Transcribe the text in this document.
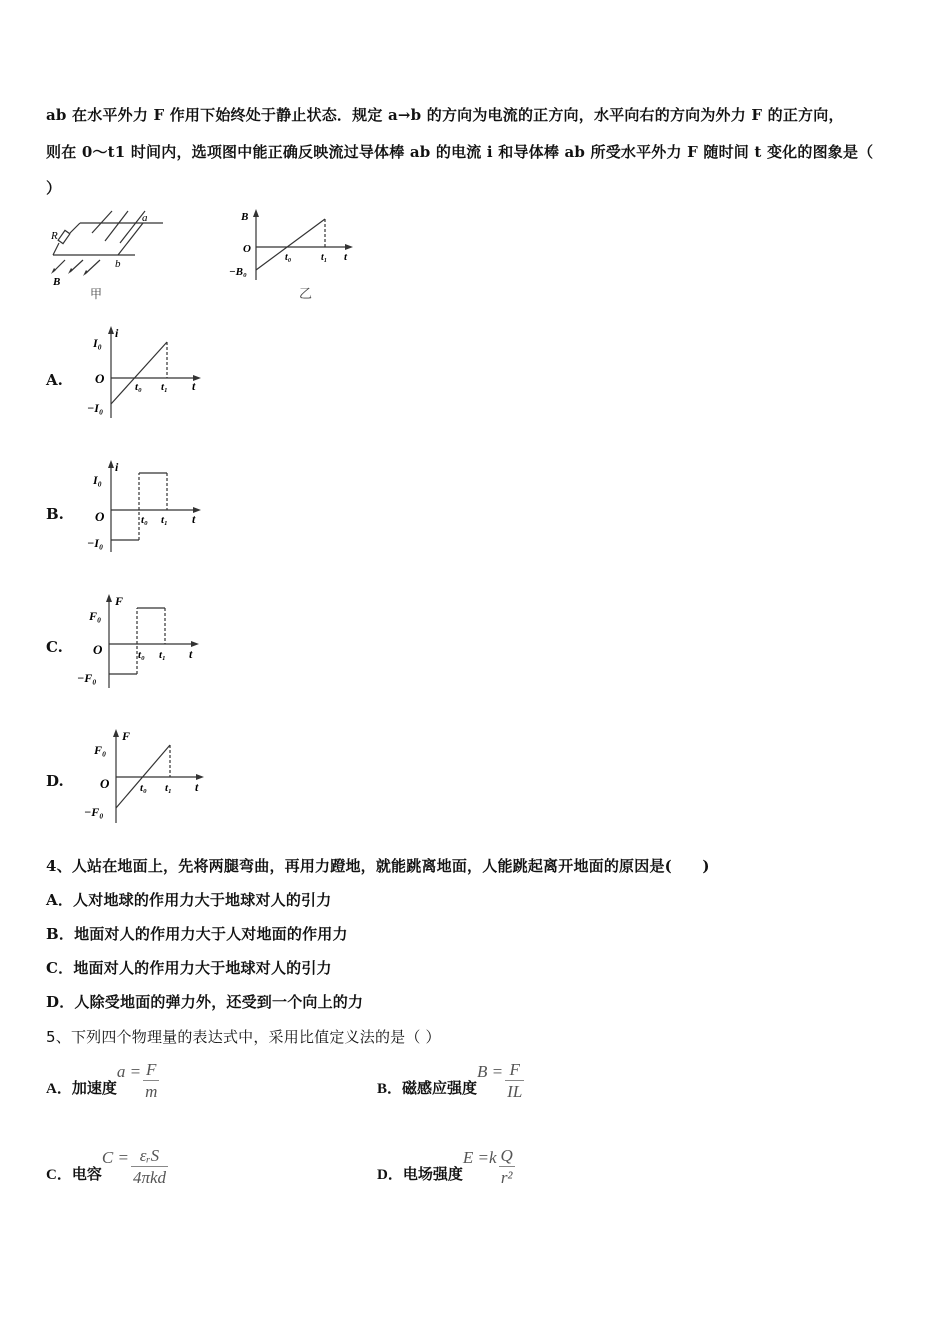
ab 在水平外力 F 作用下始终处于静止状态．规定 a→b 的方向为电流的正方向，水平向右的方向为外力 F 的正方向，
则在 0～t1 时间内，选项图中能正确反映流过导体棒 ab 的电流 i 和导体棒 ab 所受水平外力 F 随时间 t 变化的图象是（
）
R
a
b
B
甲
B
O
−B₀
t₀	t₁ t
乙
A.
i
I₀
O
−I₀
t₀ t₁ t
B.
i
I₀
O
−I₀
t₀ t₁ t
C.
F
F₀
O
−F₀
t₀ t₁ t
D.
F
F₀
O
−F₀
t₀ t₁ t
4、人站在地面上，先将两腿弯曲，再用力蹬地，就能跳离地面，人能跳起离开地面的原因是(　　)
A．人对地球的作用力大于地球对人的引力
B．地面对人的作用力大于人对地面的作用力
C．地面对人的作用力大于地球对人的引力
D．人除受地面的弹力外，还受到一个向上的力
5、下列四个物理量的表达式中，采用比值定义法的是（ ）
A．加速度
$a = \frac{F}{m}$	B．磁感应强度
$B = \frac{F}{IL}$
C．电容
$C = \frac{\text{εᵣS}}{\text{4πkd}}$	D．电场强度
$E =k \frac{Q}{\text{r²}}$
